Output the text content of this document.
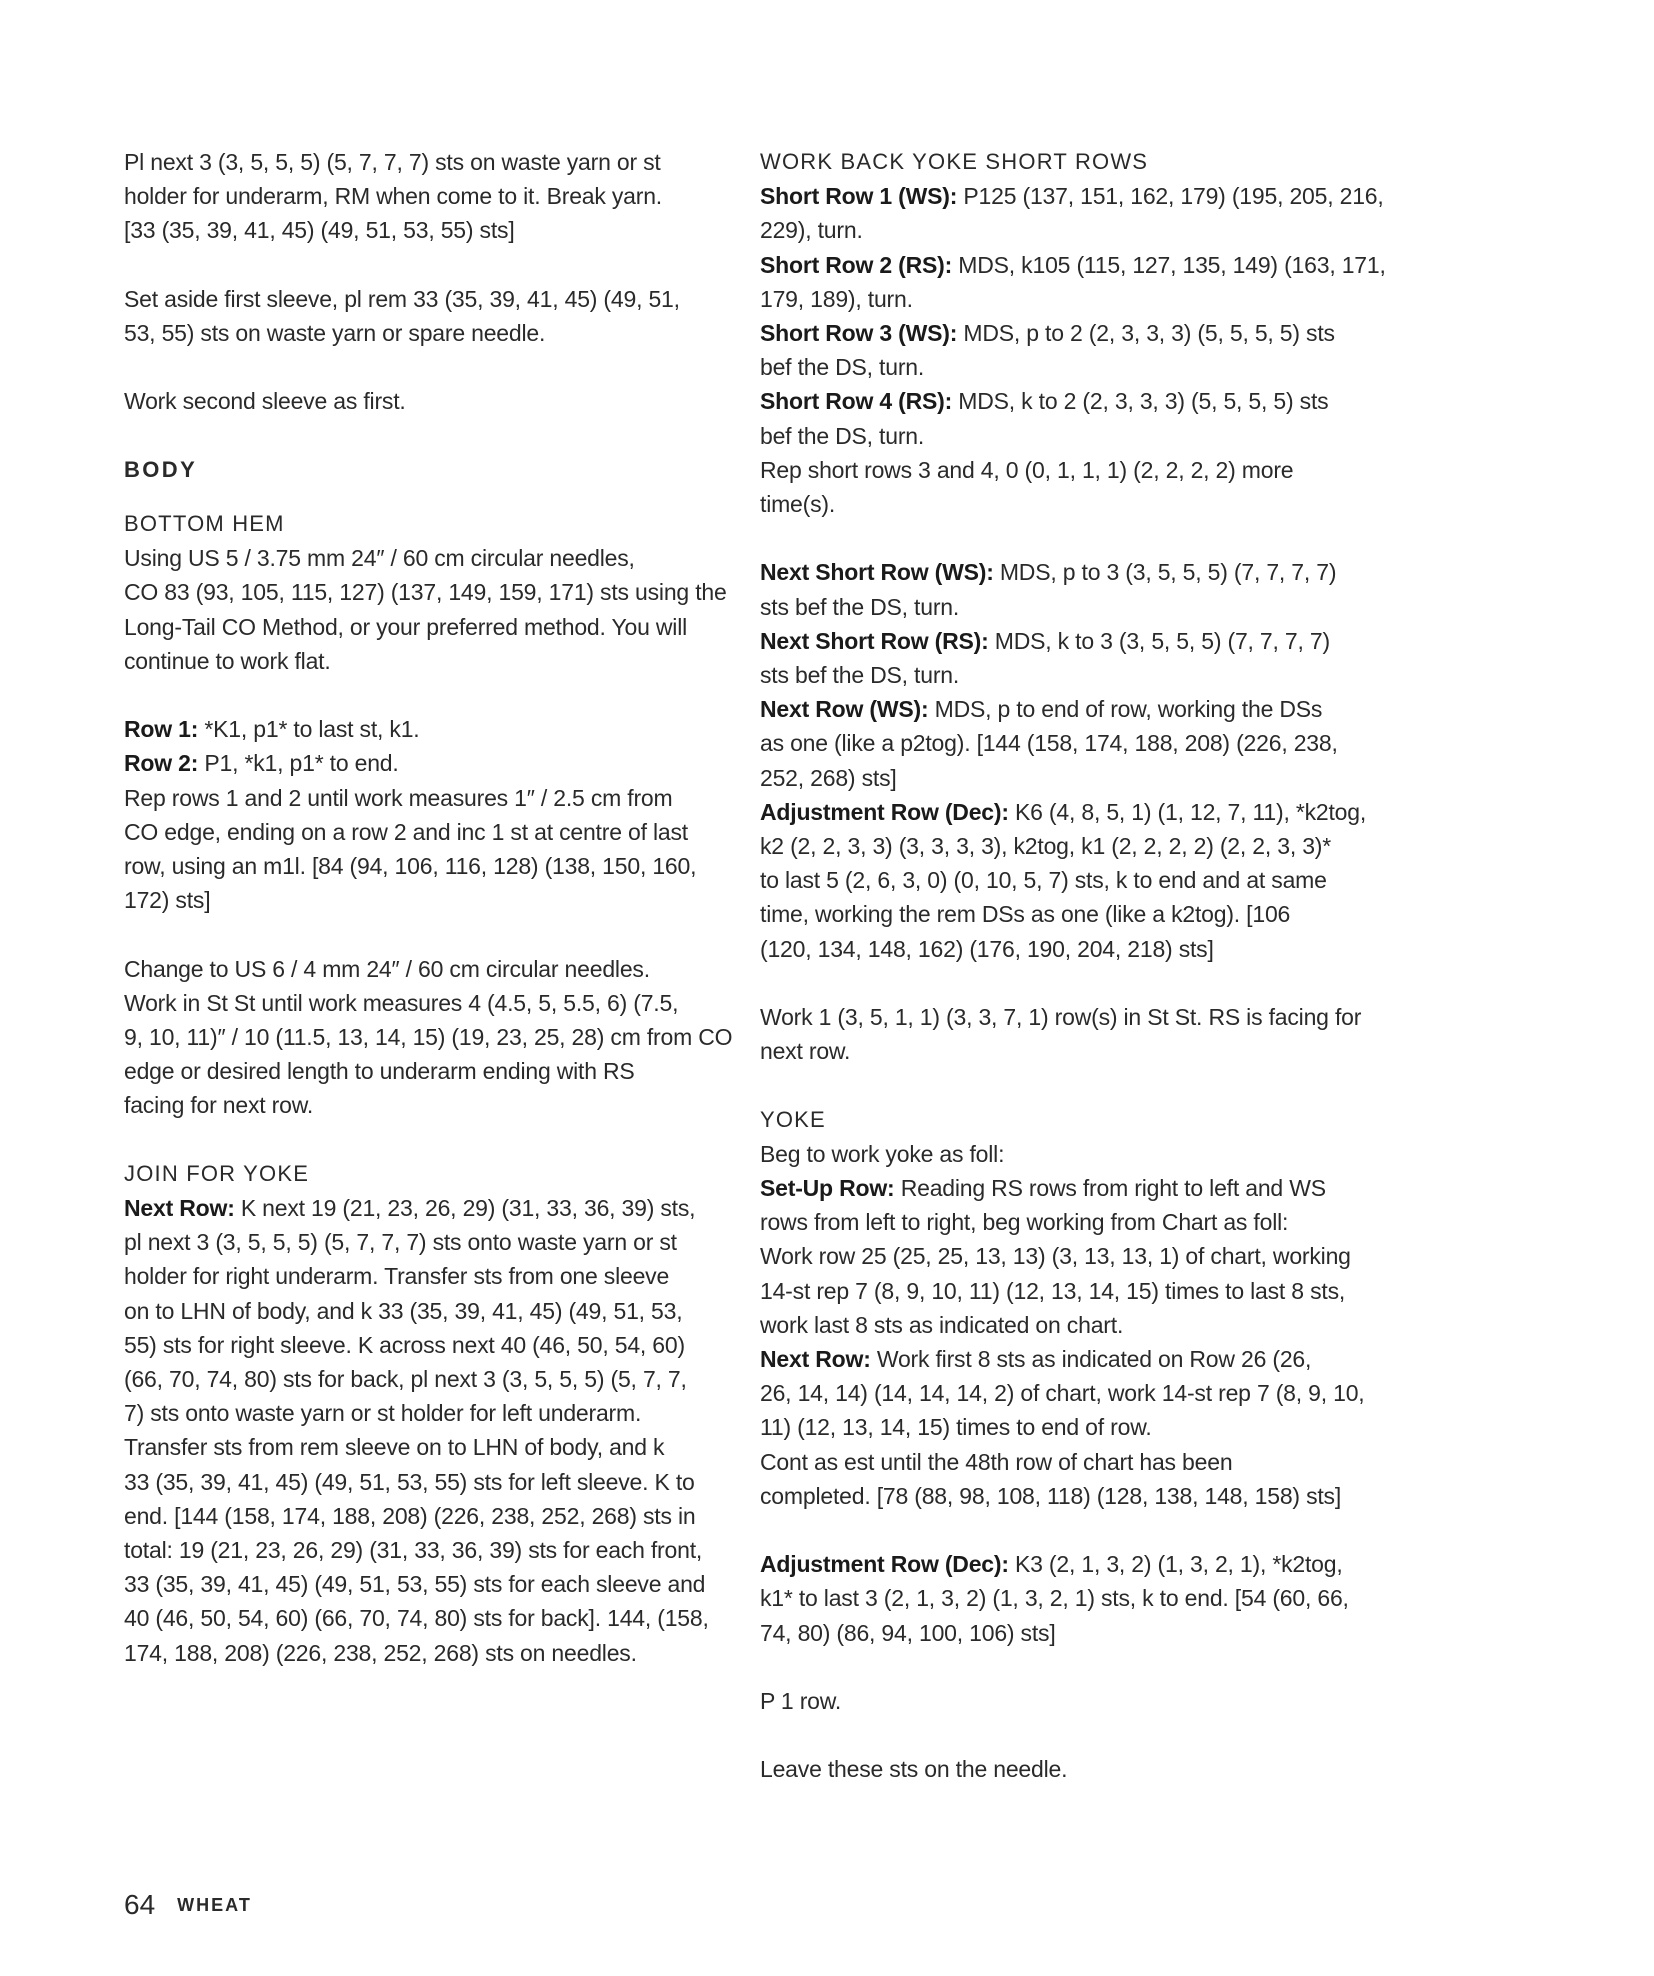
Pl next 3 (3, 5, 5, 5) (5, 7, 7, 7) sts on waste yarn or st
holder for underarm, RM when come to it. Break yarn.
[33 (35, 39, 41, 45) (49, 51, 53, 55) sts]
Set aside first sleeve, pl rem 33 (35, 39, 41, 45) (49, 51,
53, 55) sts on waste yarn or spare needle.
Work second sleeve as first.
BODY
BOTTOM HEM
Using US 5 / 3.75 mm 24″ / 60 cm circular needles,
CO 83 (93, 105, 115, 127) (137, 149, 159, 171) sts using the
Long-Tail CO Method, or your preferred method. You will
continue to work flat.
Row 1: *K1, p1* to last st, k1.
Row 2: P1, *k1, p1* to end.
Rep rows 1 and 2 until work measures 1″ / 2.5 cm from
CO edge, ending on a row 2 and inc 1 st at centre of last
row, using an m1l. [84 (94, 106, 116, 128) (138, 150, 160,
172) sts]
Change to US 6 / 4 mm 24″ / 60 cm circular needles.
Work in St St until work measures 4 (4.5, 5, 5.5, 6) (7.5,
9, 10, 11)″ / 10 (11.5, 13, 14, 15) (19, 23, 25, 28) cm from CO
edge or desired length to underarm ending with RS
facing for next row.
JOIN FOR YOKE
Next Row: K next 19 (21, 23, 26, 29) (31, 33, 36, 39) sts,
pl next 3 (3, 5, 5, 5) (5, 7, 7, 7) sts onto waste yarn or st
holder for right underarm. Transfer sts from one sleeve
on to LHN of body, and k 33 (35, 39, 41, 45) (49, 51, 53,
55) sts for right sleeve. K across next 40 (46, 50, 54, 60)
(66, 70, 74, 80) sts for back, pl next 3 (3, 5, 5, 5) (5, 7, 7,
7) sts onto waste yarn or st holder for left underarm.
Transfer sts from rem sleeve on to LHN of body, and k
33 (35, 39, 41, 45) (49, 51, 53, 55) sts for left sleeve. K to
end. [144 (158, 174, 188, 208) (226, 238, 252, 268) sts in
total: 19 (21, 23, 26, 29) (31, 33, 36, 39) sts for each front,
33 (35, 39, 41, 45) (49, 51, 53, 55) sts for each sleeve and
40 (46, 50, 54, 60) (66, 70, 74, 80) sts for back]. 144, (158,
174, 188, 208) (226, 238, 252, 268) sts on needles.
WORK BACK YOKE SHORT ROWS
Short Row 1 (WS): P125 (137, 151, 162, 179) (195, 205, 216,
229), turn.
Short Row 2 (RS): MDS, k105 (115, 127, 135, 149) (163, 171,
179, 189), turn.
Short Row 3 (WS): MDS, p to 2 (2, 3, 3, 3) (5, 5, 5, 5) sts
bef the DS, turn.
Short Row 4 (RS): MDS, k to 2 (2, 3, 3, 3) (5, 5, 5, 5) sts
bef the DS, turn.
Rep short rows 3 and 4, 0 (0, 1, 1, 1) (2, 2, 2, 2) more
time(s).
Next Short Row (WS): MDS, p to 3 (3, 5, 5, 5) (7, 7, 7, 7)
sts bef the DS, turn.
Next Short Row (RS): MDS, k to 3 (3, 5, 5, 5) (7, 7, 7, 7)
sts bef the DS, turn.
Next Row (WS): MDS, p to end of row, working the DSs
as one (like a p2tog). [144 (158, 174, 188, 208) (226, 238,
252, 268) sts]
Adjustment Row (Dec): K6 (4, 8, 5, 1) (1, 12, 7, 11), *k2tog,
k2 (2, 2, 3, 3) (3, 3, 3, 3), k2tog, k1 (2, 2, 2, 2) (2, 2, 3, 3)*
to last 5 (2, 6, 3, 0) (0, 10, 5, 7) sts, k to end and at same
time, working the rem DSs as one (like a k2tog). [106
(120, 134, 148, 162) (176, 190, 204, 218) sts]
Work 1 (3, 5, 1, 1) (3, 3, 7, 1) row(s) in St St. RS is facing for
next row.
YOKE
Beg to work yoke as foll:
Set-Up Row: Reading RS rows from right to left and WS
rows from left to right, beg working from Chart as foll:
Work row 25 (25, 25, 13, 13) (3, 13, 13, 1) of chart, working
14-st rep 7 (8, 9, 10, 11) (12, 13, 14, 15) times to last 8 sts,
work last 8 sts as indicated on chart.
Next Row: Work first 8 sts as indicated on Row 26 (26,
26, 14, 14) (14, 14, 14, 2) of chart, work 14-st rep 7 (8, 9, 10,
11) (12, 13, 14, 15) times to end of row.
Cont as est until the 48th row of chart has been
completed. [78 (88, 98, 108, 118) (128, 138, 148, 158) sts]
Adjustment Row (Dec): K3 (2, 1, 3, 2) (1, 3, 2, 1), *k2tog,
k1* to last 3 (2, 1, 3, 2) (1, 3, 2, 1) sts, k to end. [54 (60, 66,
74, 80) (86, 94, 100, 106) sts]
P 1 row.
Leave these sts on the needle.
64 WHEAT
